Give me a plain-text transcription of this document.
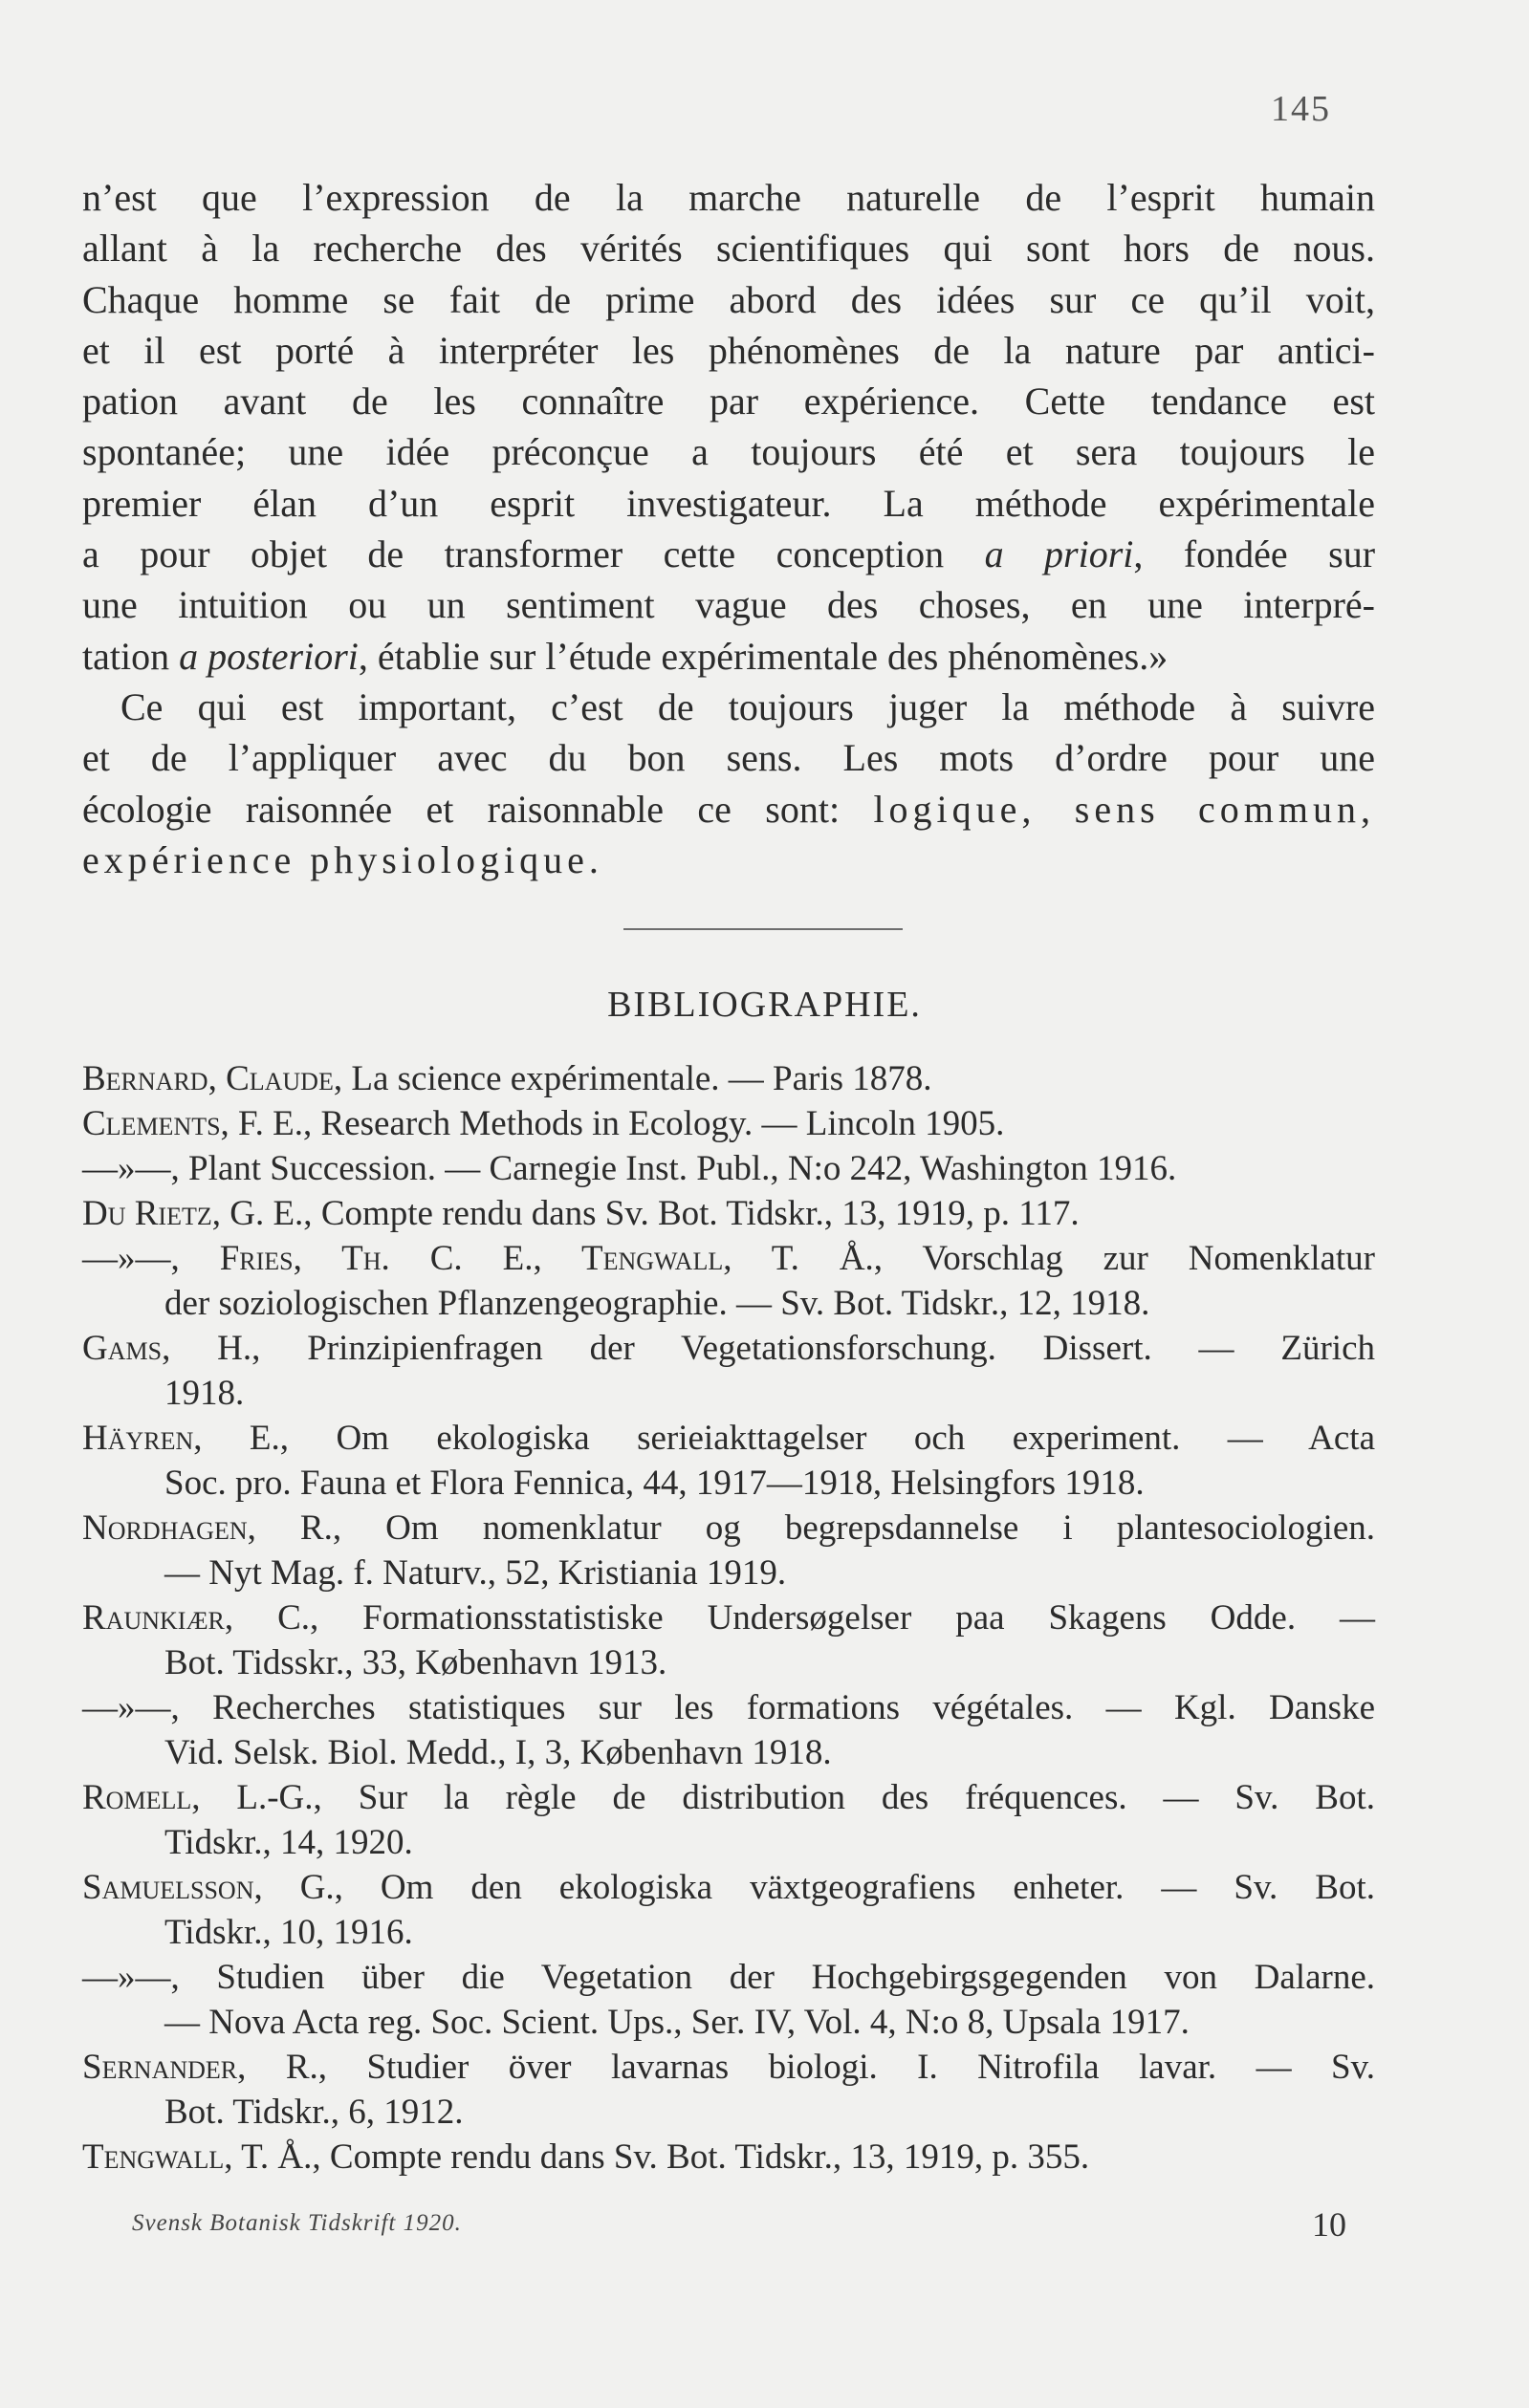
145
n’est que l’expression de la marche naturelle de l’esprit humain
allant à la recherche des vérités scientifiques qui sont hors de nous.
Chaque homme se fait de prime abord des idées sur ce qu’il voit,
et il est porté à interpréter les phénomènes de la nature par antici-
pation avant de les connaître par expérience. Cette tendance est
spontanée; une idée préconçue a toujours été et sera toujours le
premier élan d’un esprit investigateur. La méthode expérimentale
a pour objet de transformer cette conception a priori, fondée sur
une intuition ou un sentiment vague des choses, en une interpré-
tation a posteriori, établie sur l’étude expérimentale des phénomènes.»
Ce qui est important, c’est de toujours juger la méthode à suivre
et de l’appliquer avec du bon sens. Les mots d’ordre pour une
écologie raisonnée et raisonnable ce sont: logique, sens commun,
expérience physiologique.
BIBLIOGRAPHIE.
Bernard, Claude, La science expérimentale. — Paris 1878.
Clements, F. E., Research Methods in Ecology. — Lincoln 1905.
—»—, Plant Succession. — Carnegie Inst. Publ., N:o 242, Washington 1916.
Du Rietz, G. E., Compte rendu dans Sv. Bot. Tidskr., 13, 1919, p. 117.
—»—, Fries, Th. C. E., Tengwall, T. Å., Vorschlag zur Nomenklatur
der soziologischen Pflanzengeographie. — Sv. Bot. Tidskr., 12, 1918.
Gams, H., Prinzipienfragen der Vegetationsforschung. Dissert. — Zürich
1918.
Häyren, E., Om ekologiska serieiakttagelser och experiment. — Acta
Soc. pro. Fauna et Flora Fennica, 44, 1917—1918, Helsingfors 1918.
Nordhagen, R., Om nomenklatur og begrepsdannelse i plantesociologien.
— Nyt Mag. f. Naturv., 52, Kristiania 1919.
Raunkiær, C., Formationsstatistiske Undersøgelser paa Skagens Odde. —
Bot. Tidsskr., 33, København 1913.
—»—, Recherches statistiques sur les formations végétales. — Kgl. Danske
Vid. Selsk. Biol. Medd., I, 3, København 1918.
Romell, L.-G., Sur la règle de distribution des fréquences. — Sv. Bot.
Tidskr., 14, 1920.
Samuelsson, G., Om den ekologiska växtgeografiens enheter. — Sv. Bot.
Tidskr., 10, 1916.
—»—, Studien über die Vegetation der Hochgebirgsgegenden von Dalarne.
— Nova Acta reg. Soc. Scient. Ups., Ser. IV, Vol. 4, N:o 8, Upsala 1917.
Sernander, R., Studier över lavarnas biologi. I. Nitrofila lavar. — Sv.
Bot. Tidskr., 6, 1912.
Tengwall, T. Å., Compte rendu dans Sv. Bot. Tidskr., 13, 1919, p. 355.
Svensk Botanisk Tidskrift 1920.	10
